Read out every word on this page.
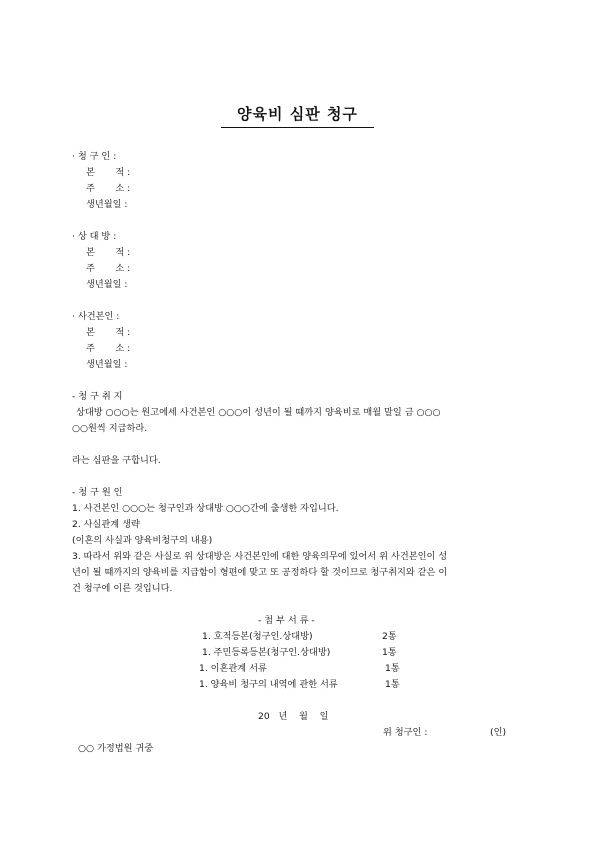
양육비 심판 청구
· 청 구 인 :
본       적 :
주       소 :
생년월일 :
· 상 대 방 :
본       적 :
주       소 :
생년월일 :
· 사건본인 :
본       적 :
주       소 :
생년월일 :
- 청 구 취 지
상대방 ○○○는 원고에세 사건본인 ○○○이 성년이 될 때까지 양육비로 매월 말일 금 ○○○
○○원씩 지급하라.
라는 심판을 구합니다.
- 청 구 원 인
1. 사건본인 ○○○는 청구인과 상대방 ○○○간에 출생한 자입니다.
2. 사실관계 생략
(이혼의 사실과 양육비청구의 내용)
3. 따라서 위와 같은 사실로 위 상대방은 사건본인에 대한 양육의무에 있어서 위 사건본인이 성
년이 될 때까지의 양육비를 지급함이 형편에 맞고 또 공정하다 할 것이므로 청구취지와 같은 이
건 청구에 이른 것입니다.
- 첨 부 서 류 -
1. 호적등본(청구인.상대방)	2통
1. 주민등록등본(청구인.상대방)	1통
1. 이혼관계 서류	1통
1. 양육비 청구의 내역에 관한 서류	1통
20   년    월    일
위 청구인 :	(인)
○○ 가정법원 귀중
